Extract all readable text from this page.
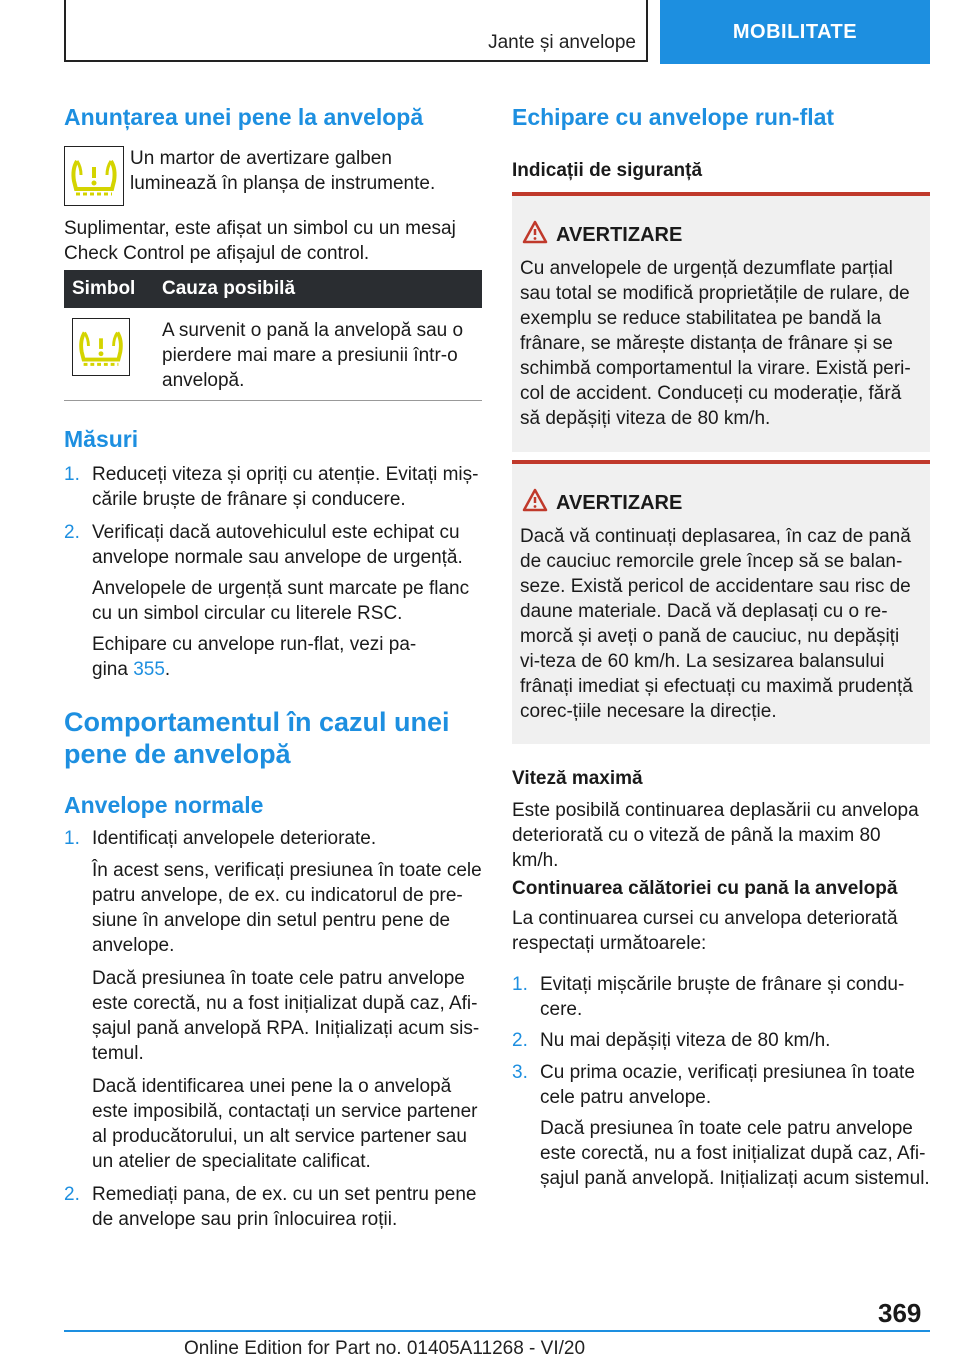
Jante și anvelope	MOBILITATE
Anunțarea unei pene la anvelopă

Un martor de avertizare galben luminează în planșa de instrumente.

Suplimentar, este afișat un simbol cu un mesaj Check Control pe afișajul de control.

Simbol	Cauza posibilă

	A survenit o pană la anvelopă sau o pierdere mai mare a presiunii într-o anvelopă.
Măsuri
1. Reduceți viteza și opriți cu atenție. Evitați miș-cările bruște de frânare și conducere.

2. Verificați dacă autovehiculul este echipat cu anvelope normale sau anvelope de urgență.

Anvelopele de urgență sunt marcate pe flanc cu un simbol circular cu literele RSC.

Echipare cu anvelope run-flat, vezi pa-gina 355.

Comportamentul în cazul unei pene de anvelopă
Anvelope normale
1. Identificați anvelopele deteriorate.

În acest sens, verificați presiunea în toate cele patru anvelope, de ex. cu indicatorul de pre-siune în anvelope din setul pentru pene de anvelope.

Dacă presiunea în toate cele patru anvelope este corectă, nu a fost inițializat după caz, Afi-șajul pană anvelopă RPA. Inițializați acum sis-temul.

Dacă identificarea unei pene la o anvelopă este imposibilă, contactați un service partener al producătorului, un alt service partener sau un atelier de specialitate calificat.

2. Remediați pana, de ex. cu un set pentru pene de anvelope sau prin înlocuirea roții.

Echipare cu anvelope run-flat

Indicații de siguranță

AVERTIZARE

Cu anvelopele de urgență dezumflate parțial sau total se modifică proprietățile de rulare, de exemplu se reduce stabilitatea pe bandă la frânare, se mărește distanța de frânare și se schimbă comportamentul la virare. Există peri-col de accident. Conduceți cu moderație, fără să depășiți viteza de 80 km/h.

AVERTIZARE

Dacă vă continuați deplasarea, în caz de pană de cauciuc remorcile grele încep să se balan-seze. Există pericol de accidentare sau risc de daune materiale. Dacă vă deplasați cu o re-morcă și aveți o pană de cauciuc, nu depășiți vi-teza de 60 km/h. La sesizarea balansului frânați imediat și efectuați cu maximă prudență corec-țiile necesare la direcție.

Viteză maximă

Este posibilă continuarea deplasării cu anvelopa deteriorată cu o viteză de până la maxim 80 km/h.

Continuarea călătoriei cu pană la anvelopă

La continuarea cursei cu anvelopa deteriorată respectați următoarele:

1. Evitați mișcările bruște de frânare și condu-cere.

2. Nu mai depășiți viteza de 80 km/h.

3. Cu prima ocazie, verificați presiunea în toate cele patru anvelope.

Dacă presiunea în toate cele patru anvelope este corectă, nu a fost inițializat după caz, Afi-șajul pană anvelopă. Inițializați acum sistemul.

369
Online Edition for Part no. 01405A11268 - VI/20
